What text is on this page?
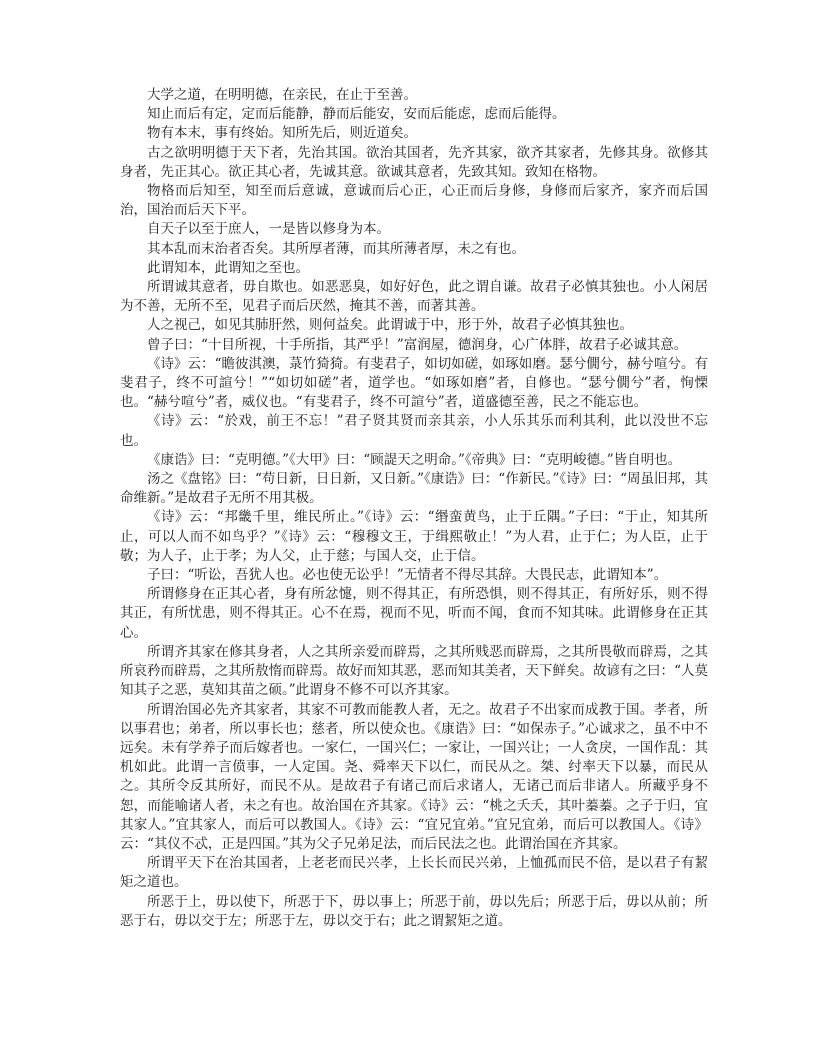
大学之道，在明明德，在亲民，在止于至善。

知止而后有定，定而后能静，静而后能安，安而后能虑，虑而后能得。

物有本末，事有终始。知所先后，则近道矣。

古之欲明明德于天下者，先治其国。欲治其国者，先齐其家，欲齐其家者，先修其身。欲修其身者，先正其心。欲正其心者，先诚其意。欲诚其意者，先致其知。致知在格物。

物格而后知至，知至而后意诚，意诚而后心正，心正而后身修，身修而后家齐，家齐而后国治，国治而后天下平。

自天子以至于庶人，一是皆以修身为本。

其本乱而末治者否矣。其所厚者薄，而其所薄者厚，未之有也。

此谓知本，此谓知之至也。

所谓诚其意者，毋自欺也。如恶恶臭，如好好色，此之谓自谦。故君子必慎其独也。小人闲居为不善，无所不至，见君子而后厌然，掩其不善，而著其善。

人之视己，如见其肺肝然，则何益矣。此谓诚于中，形于外，故君子必慎其独也。

曾子曰：“十目所视，十手所指，其严乎！”富润屋，德润身，心广体胖，故君子必诚其意。

《诗》云：“瞻彼淇澳，菉竹猗猗。有斐君子，如切如磋，如琢如磨。瑟兮僩兮，赫兮喧兮。有斐君子，终不可諠兮！”“如切如磋”者，道学也。“如琢如磨”者，自修也。“瑟兮僩兮”者，恂慄也。“赫兮喧兮”者，威仪也。“有斐君子，终不可諠兮”者，道盛德至善，民之不能忘也。

《诗》云：“於戏，前王不忘！”君子贤其贤而亲其亲，小人乐其乐而利其利，此以没世不忘也。

《康诰》曰：“克明德。”《大甲》曰：“顾諟天之明命。”《帝典》曰：“克明峻德。”皆自明也。

汤之《盘铭》曰：“苟日新，日日新，又日新。”《康诰》曰：“作新民。”《诗》曰：“周虽旧邦，其命维新。”是故君子无所不用其极。

《诗》云：“邦畿千里，维民所止。”《诗》云：“缗蛮黄鸟，止于丘隅。”子曰：“于止，知其所止，可以人而不如鸟乎？”《诗》云：“穆穆文王，于缉熙敬止！”为人君，止于仁；为人臣，止于敬；为人子，止于孝；为人父，止于慈；与国人交，止于信。

子曰：“听讼，吾犹人也。必也使无讼乎！”无情者不得尽其辞。大畏民志，此谓知本”。

所谓修身在正其心者，身有所忿懥，则不得其正，有所恐惧，则不得其正，有所好乐，则不得其正，有所忧患，则不得其正。心不在焉，视而不见，听而不闻，食而不知其味。此谓修身在正其心。

所谓齐其家在修其身者，人之其所亲爱而辟焉，之其所贱恶而辟焉，之其所畏敬而辟焉，之其所哀矜而辟焉，之其所敖惰而辟焉。故好而知其恶，恶而知其美者，天下鲜矣。故谚有之曰：“人莫知其子之恶，莫知其苗之硕。”此谓身不修不可以齐其家。

所谓治国必先齐其家者，其家不可教而能教人者，无之。故君子不出家而成教于国。孝者，所以事君也；弟者，所以事长也；慈者，所以使众也。《康诰》曰：“如保赤子。”心诚求之，虽不中不远矣。未有学养子而后嫁者也。一家仁，一国兴仁；一家让，一国兴让；一人贪戾，一国作乱：其机如此。此谓一言偾事，一人定国。尧、舜率天下以仁，而民从之。桀、纣率天下以暴，而民从之。其所令反其所好，而民不从。是故君子有诸己而后求诸人，无诸己而后非诸人。所藏乎身不恕，而能喻诸人者，未之有也。故治国在齐其家。《诗》云：“桃之夭夭，其叶蓁蓁。之子于归，宜其家人。”宜其家人，而后可以教国人。《诗》云：“宜兄宜弟。”宜兄宜弟，而后可以教国人。《诗》云：“其仪不忒，正是四国。”其为父子兄弟足法，而后民法之也。此谓治国在齐其家。

所谓平天下在治其国者，上老老而民兴孝，上长长而民兴弟，上恤孤而民不倍，是以君子有絜矩之道也。

所恶于上，毋以使下，所恶于下，毋以事上；所恶于前，毋以先后；所恶于后，毋以从前；所恶于右，毋以交于左；所恶于左，毋以交于右；此之谓絜矩之道。
